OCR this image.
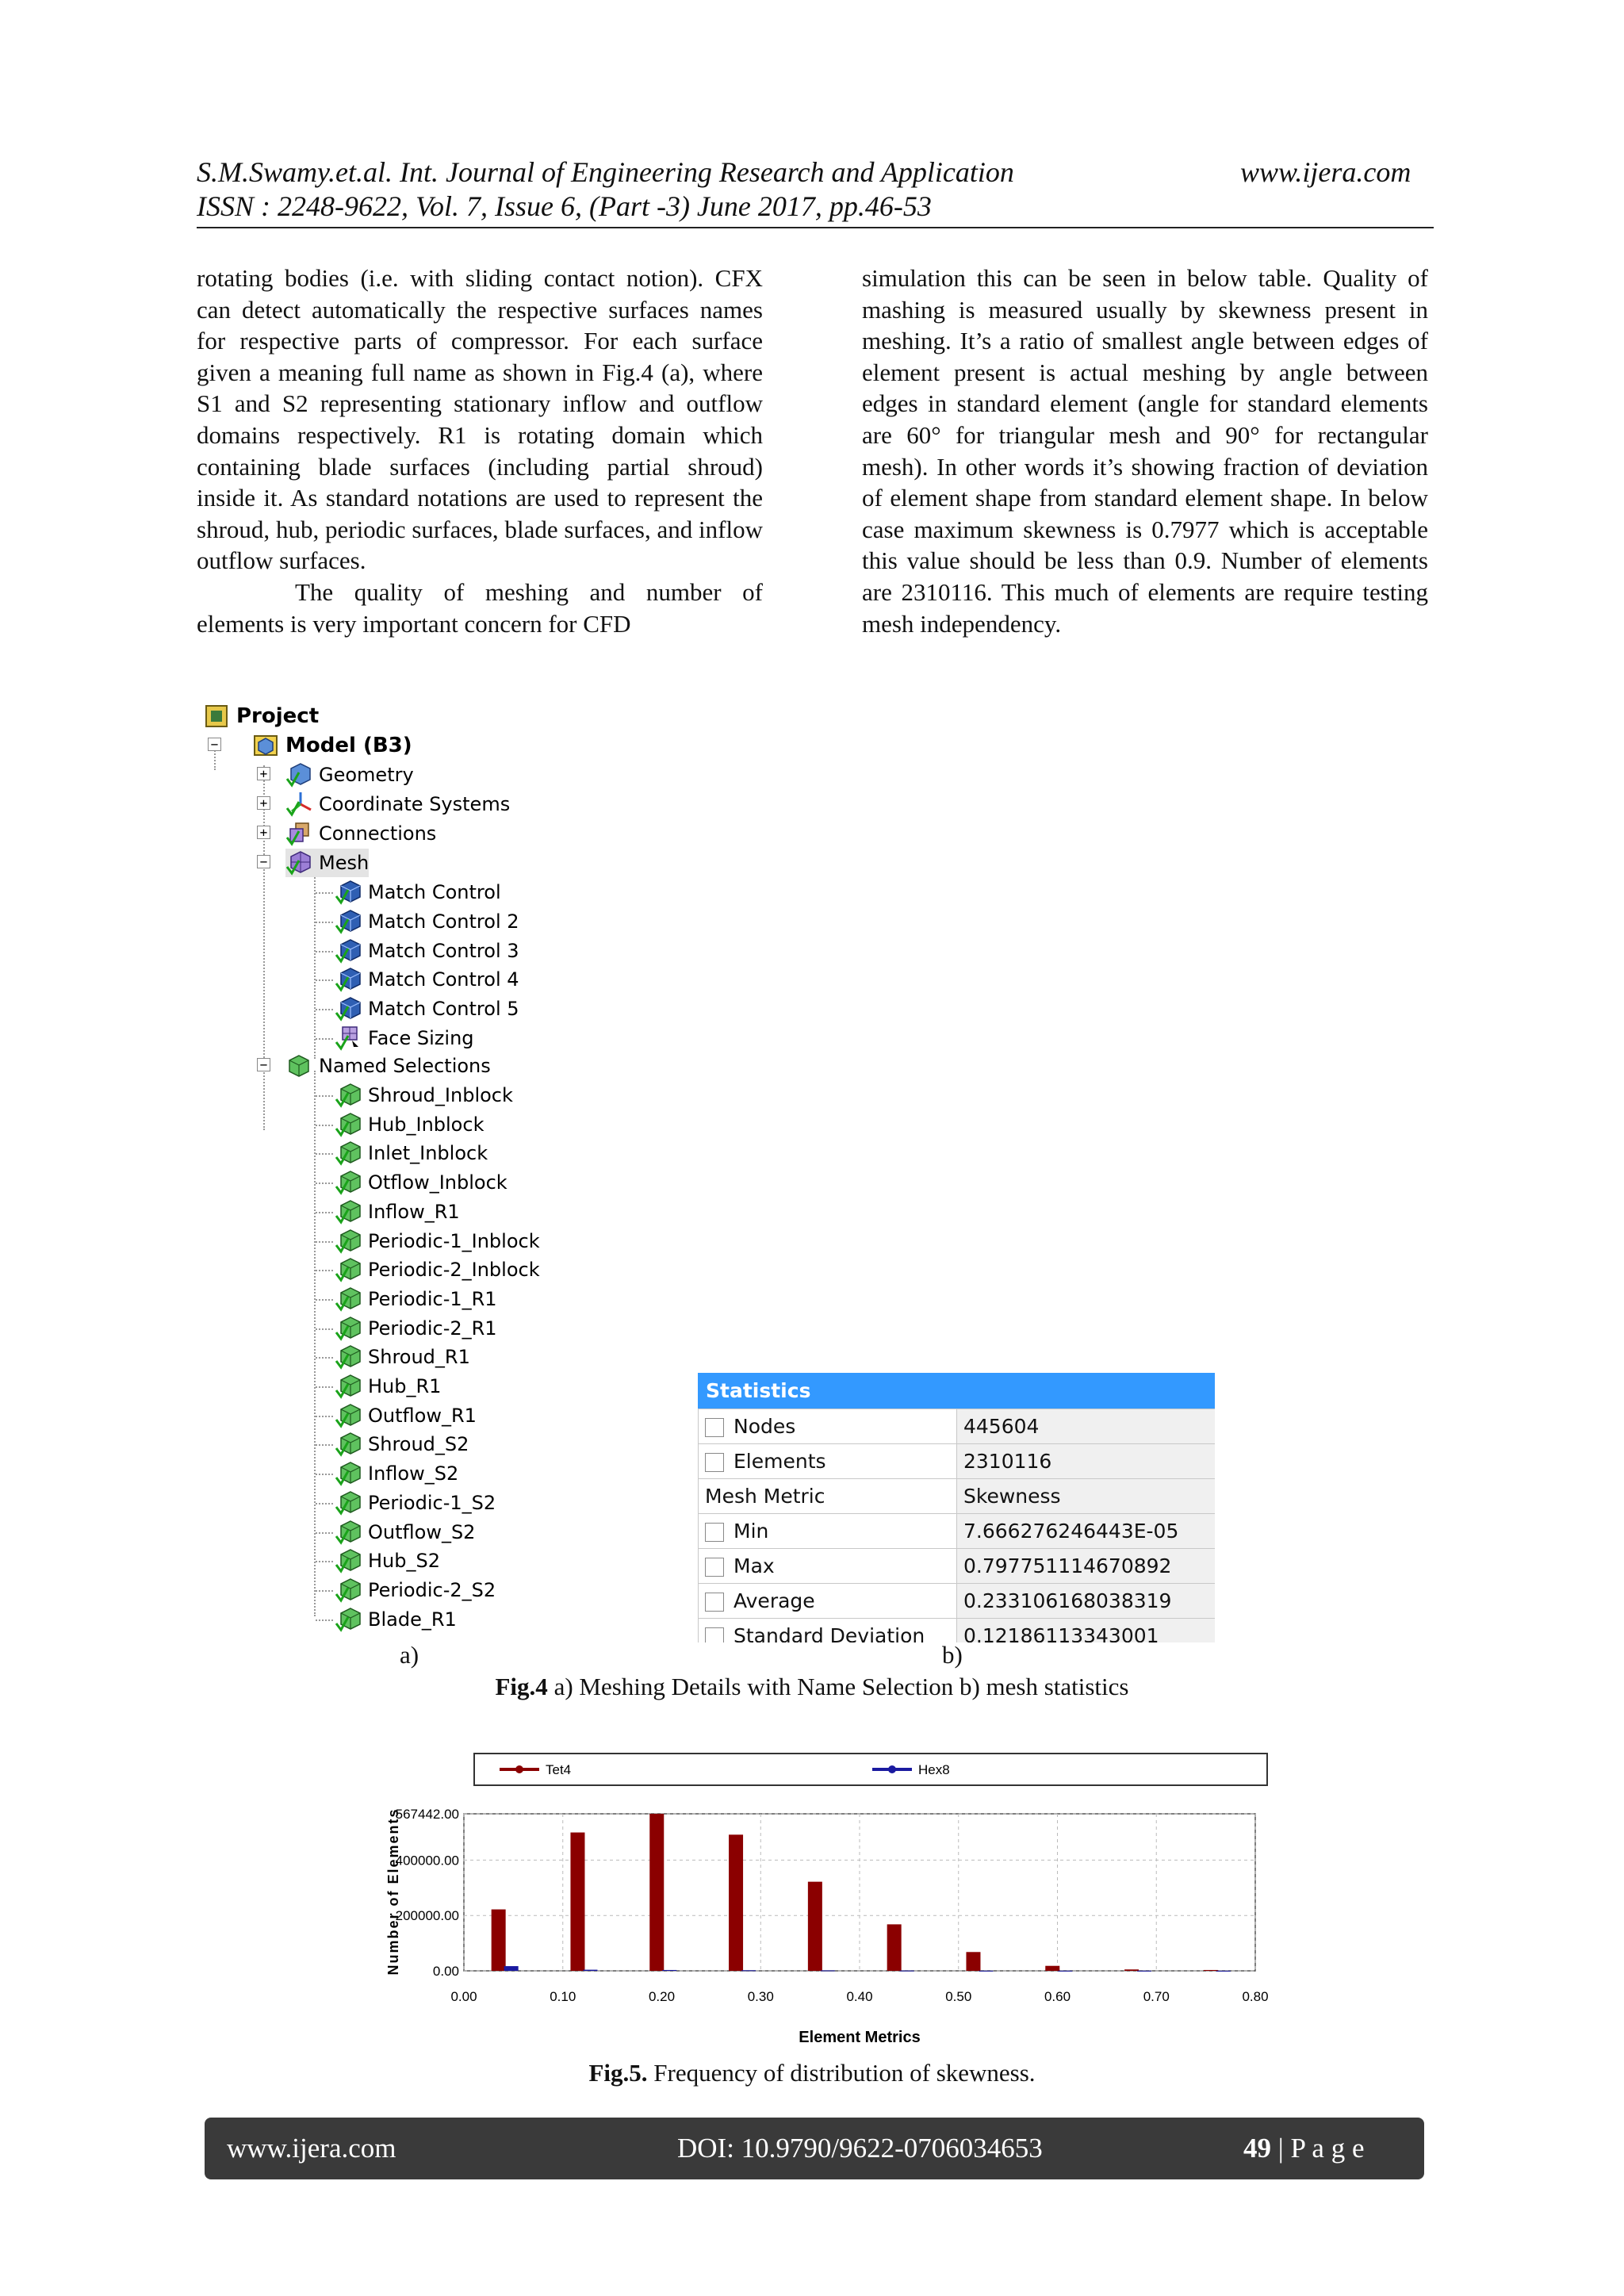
S.M.Swamy.et.al. Int. Journal of Engineering Research and Application	www.ijera.com
ISSN : 2248-9622, Vol. 7, Issue 6, (Part -3) June 2017, pp.46-53

rotating bodies (i.e. with sliding contact notion). CFX can detect automatically the respective surfaces names for respective parts of compressor. For each surface given a meaning full name as shown in Fig.4 (a), where S1 and S2 representing stationary inflow and outflow domains respectively. R1 is rotating domain which containing blade surfaces (including partial shroud) inside it. As standard notations are used to represent the shroud, hub, periodic surfaces, blade surfaces, and inflow outflow surfaces.

The quality of meshing and number of elements is very important concern for CFD

simulation this can be seen in below table. Quality of mashing is measured usually by skewness present in meshing. It’s a ratio of smallest angle between edges of element present is actual meshing by angle between edges in standard element (angle for standard elements are 60° for triangular mesh and 90° for rectangular mesh). In other words it’s showing fraction of deviation of element shape from standard element shape. In below case maximum skewness is 0.7977 which is acceptable this value should be less than 0.9. Number of elements are 2310116. This much of elements are require testing mesh independency.

Project
−	Model (B3)
+	Geometry
+	Coordinate Systems
+	Connections
−	Mesh
Match Control
Match Control 2
Match Control 3
Match Control 4
Match Control 5
Face Sizing
−	Named Selections
Shroud_Inblock
Hub_Inblock
Inlet_Inblock
Otflow_Inblock
Inflow_R1
Periodic-1_Inblock
Periodic-2_Inblock
Periodic-1_R1
Periodic-2_R1
Shroud_R1
Hub_R1
Outflow_R1
Shroud_S2
Inflow_S2
Periodic-1_S2
Outflow_S2
Hub_S2
Periodic-2_S2
Blade_R1
Statistics
Nodes	445604
Elements	2310116
Mesh Metric	Skewness
Min	7.666276246443E-05
Max	0.797751114670892
Average	0.233106168038319
Standard Deviation	0.12186113343001
a)	b)
Fig.4 a) Meshing Details with Name Selection b) mesh statistics
Tet4	Hex8
0.00
200000.00
400000.00
567442.00
0.00	0.10	0.20	0.30	0.40	0.50	0.60	0.70	0.80
Element Metrics
Number of Elements
Fig.5. Frequency of distribution of skewness.
www.ijera.com	DOI: 10.9790/9622-0706034653	49 | P a g e
